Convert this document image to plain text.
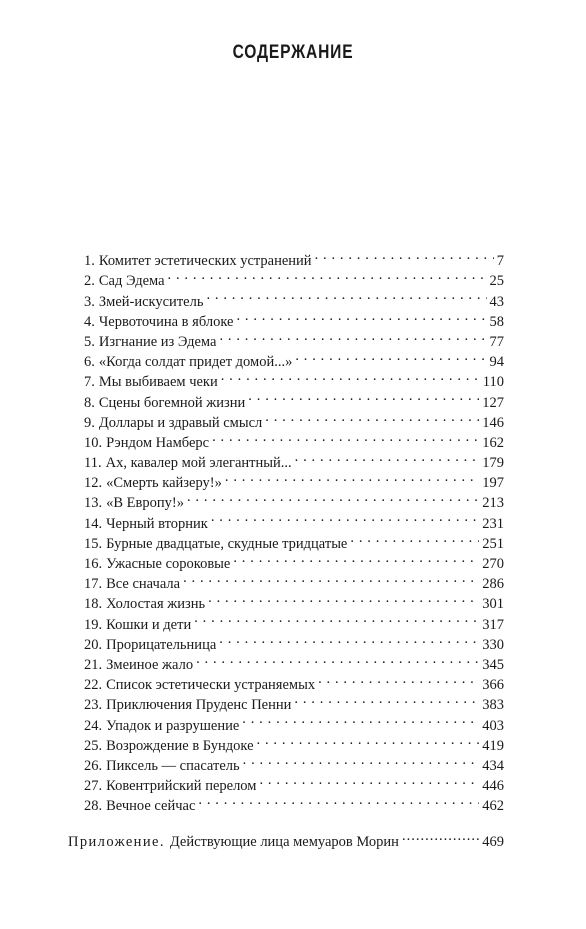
СОДЕРЖАНИЕ
1. Комитет эстетических устранений . . .	7
2. Сад Эдема . . .	25
3. Змей-искуситель . . .	43
4. Червоточина в яблоке . . .	58
5. Изгнание из Эдема . . .	77
6. «Когда солдат придет домой...» . . .	94
7. Мы выбиваем чеки . . .	110
8. Сцены богемной жизни . . .	127
9. Доллары и здравый смысл . . .	146
10. Рэндом Намберс . . .	162
11. Ах, кавалер мой элегантный... . . .	179
12. «Смерть кайзеру!» . . .	197
13. «В Европу!» . . .	213
14. Черный вторник . . .	231
15. Бурные двадцатые, скудные тридцатые . . .	251
16. Ужасные сороковые . . .	270
17. Все сначала . . .	286
18. Холостая жизнь . . .	301
19. Кошки и дети . . .	317
20. Прорицательница . . .	330
21. Змеиное жало . . .	345
22. Список эстетически устраняемых . . .	366
23. Приключения Пруденс Пенни . . .	383
24. Упадок и разрушение . . .	403
25. Возрождение в Бундоке . . .	419
26. Пиксель — спасатель . . .	434
27. Ковентрийский перелом . . .	446
28. Вечное сейчас . . .	462
Приложение. Действующие лица мемуаров Морин .....	469
